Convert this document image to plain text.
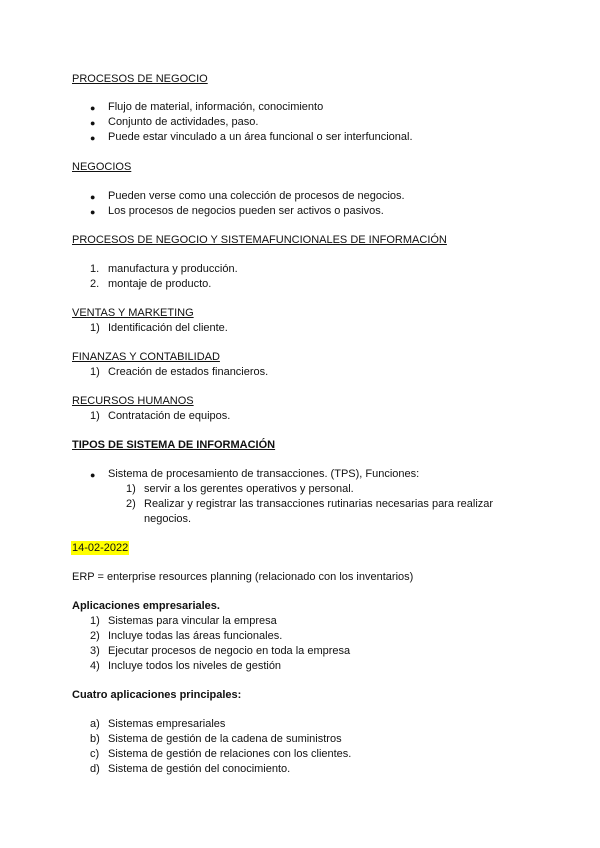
PROCESOS DE NEGOCIO
● Flujo de material, información, conocimiento
● Conjunto de actividades, paso.
● Puede estar vinculado a un área funcional o ser interfuncional.
NEGOCIOS
● Pueden verse como una colección de procesos de negocios.
● Los procesos de negocios pueden ser activos o pasivos.
PROCESOS DE NEGOCIO Y SISTEMAFUNCIONALES DE INFORMACIÓN
1. manufactura y producción.
2. montaje de producto.
VENTAS Y MARKETING
1) Identificación del cliente.
FINANZAS Y CONTABILIDAD
1) Creación de estados financieros.
RECURSOS HUMANOS
1) Contratación de equipos.
TIPOS DE SISTEMA DE INFORMACIÓN
● Sistema de procesamiento de transacciones. (TPS), Funciones:
1) servir a los gerentes operativos y personal.
2) Realizar y registrar las transacciones rutinarias necesarias para realizar
negocios.
14-02-2022
ERP = enterprise resources planning (relacionado con los inventarios)
Aplicaciones empresariales.
1) Sistemas para vincular la empresa
2) Incluye todas las áreas funcionales.
3) Ejecutar procesos de negocio en toda la empresa
4) Incluye todos los niveles de gestión
Cuatro aplicaciones principales:
a) Sistemas empresariales
b) Sistema de gestión de la cadena de suministros
c) Sistema de gestión de relaciones con los clientes.
d) Sistema de gestión del conocimiento.
